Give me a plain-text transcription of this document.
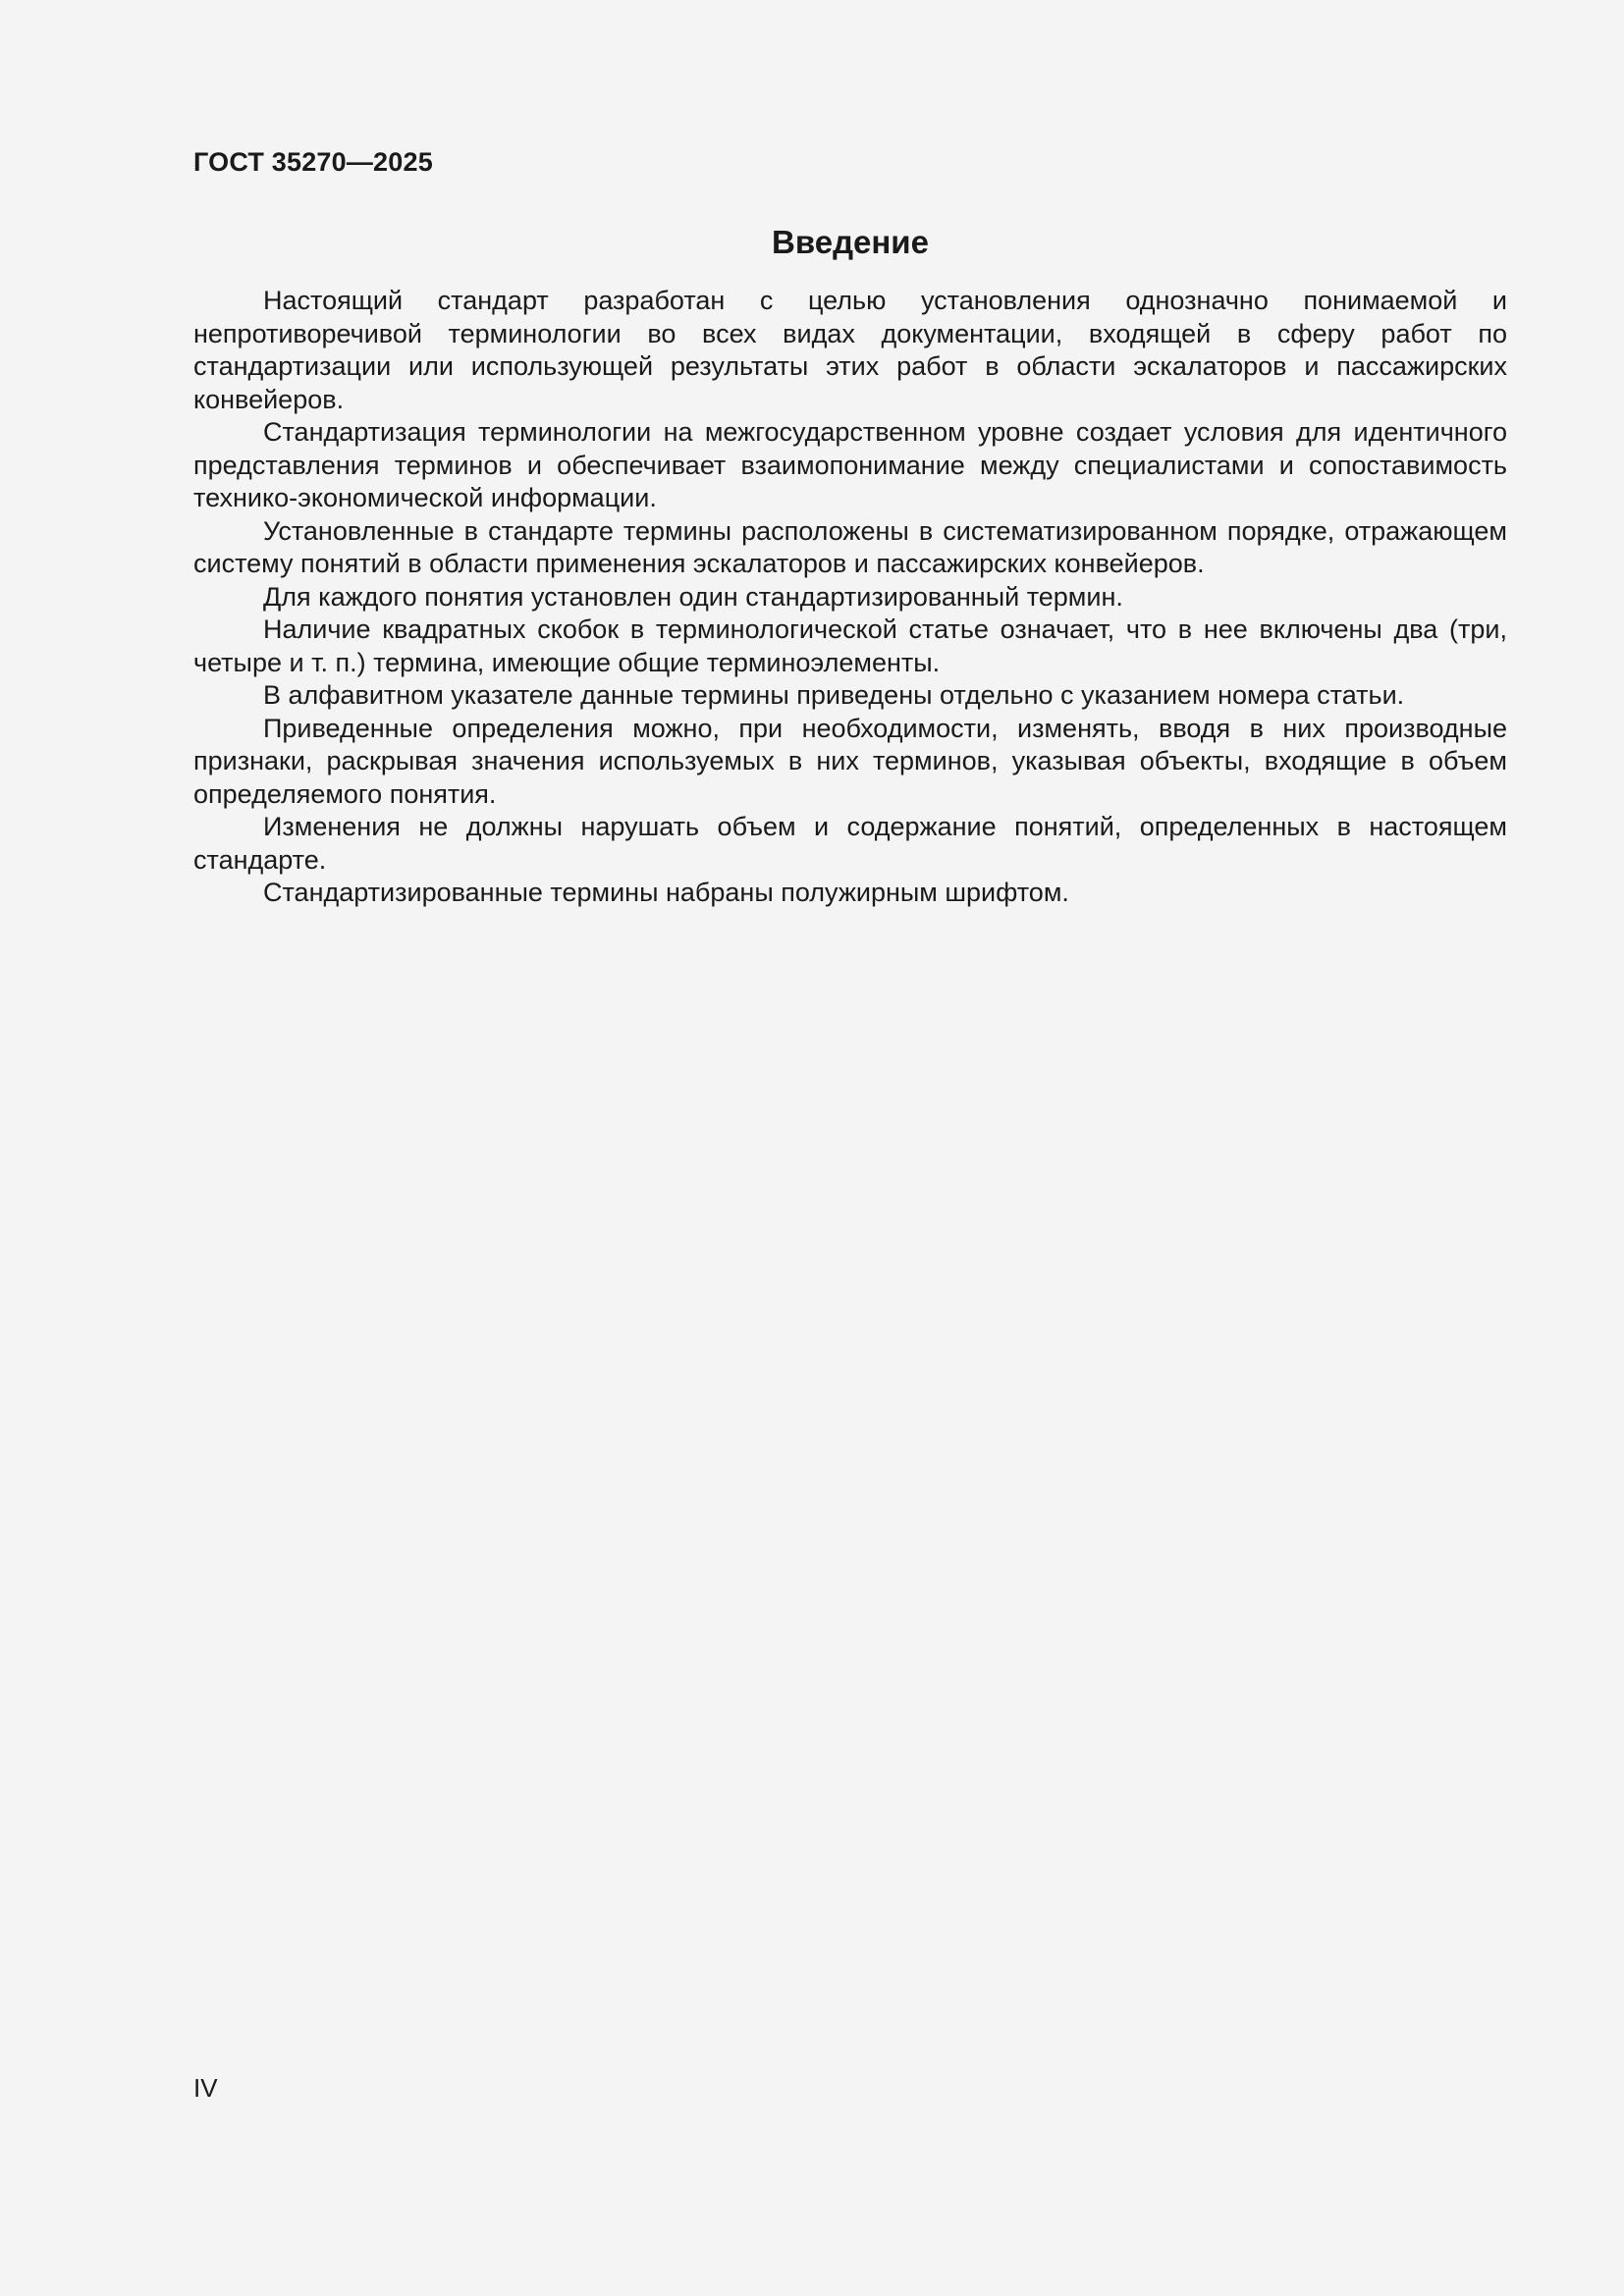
ГОСТ 35270—2025
Введение

Настоящий стандарт разработан с целью установления однозначно понимаемой и непротиворечивой терминологии во всех видах документации, входящей в сферу работ по стандартизации или использующей результаты этих работ в области эскалаторов и пассажирских конвейеров.

Стандартизация терминологии на межгосударственном уровне создает условия для идентичного представления терминов и обеспечивает взаимопонимание между специалистами и сопоставимость технико-экономической информации.

Установленные в стандарте термины расположены в систематизированном порядке, отражающем систему понятий в области применения эскалаторов и пассажирских конвейеров.

Для каждого понятия установлен один стандартизированный термин.

Наличие квадратных скобок в терминологической статье означает, что в нее включены два (три, четыре и т. п.) термина, имеющие общие терминоэлементы.

В алфавитном указателе данные термины приведены отдельно с указанием номера статьи.

Приведенные определения можно, при необходимости, изменять, вводя в них производные признаки, раскрывая значения используемых в них терминов, указывая объекты, входящие в объем определяемого понятия.

Изменения не должны нарушать объем и содержание понятий, определенных в настоящем стандарте.

Стандартизированные термины набраны полужирным шрифтом.

IV
